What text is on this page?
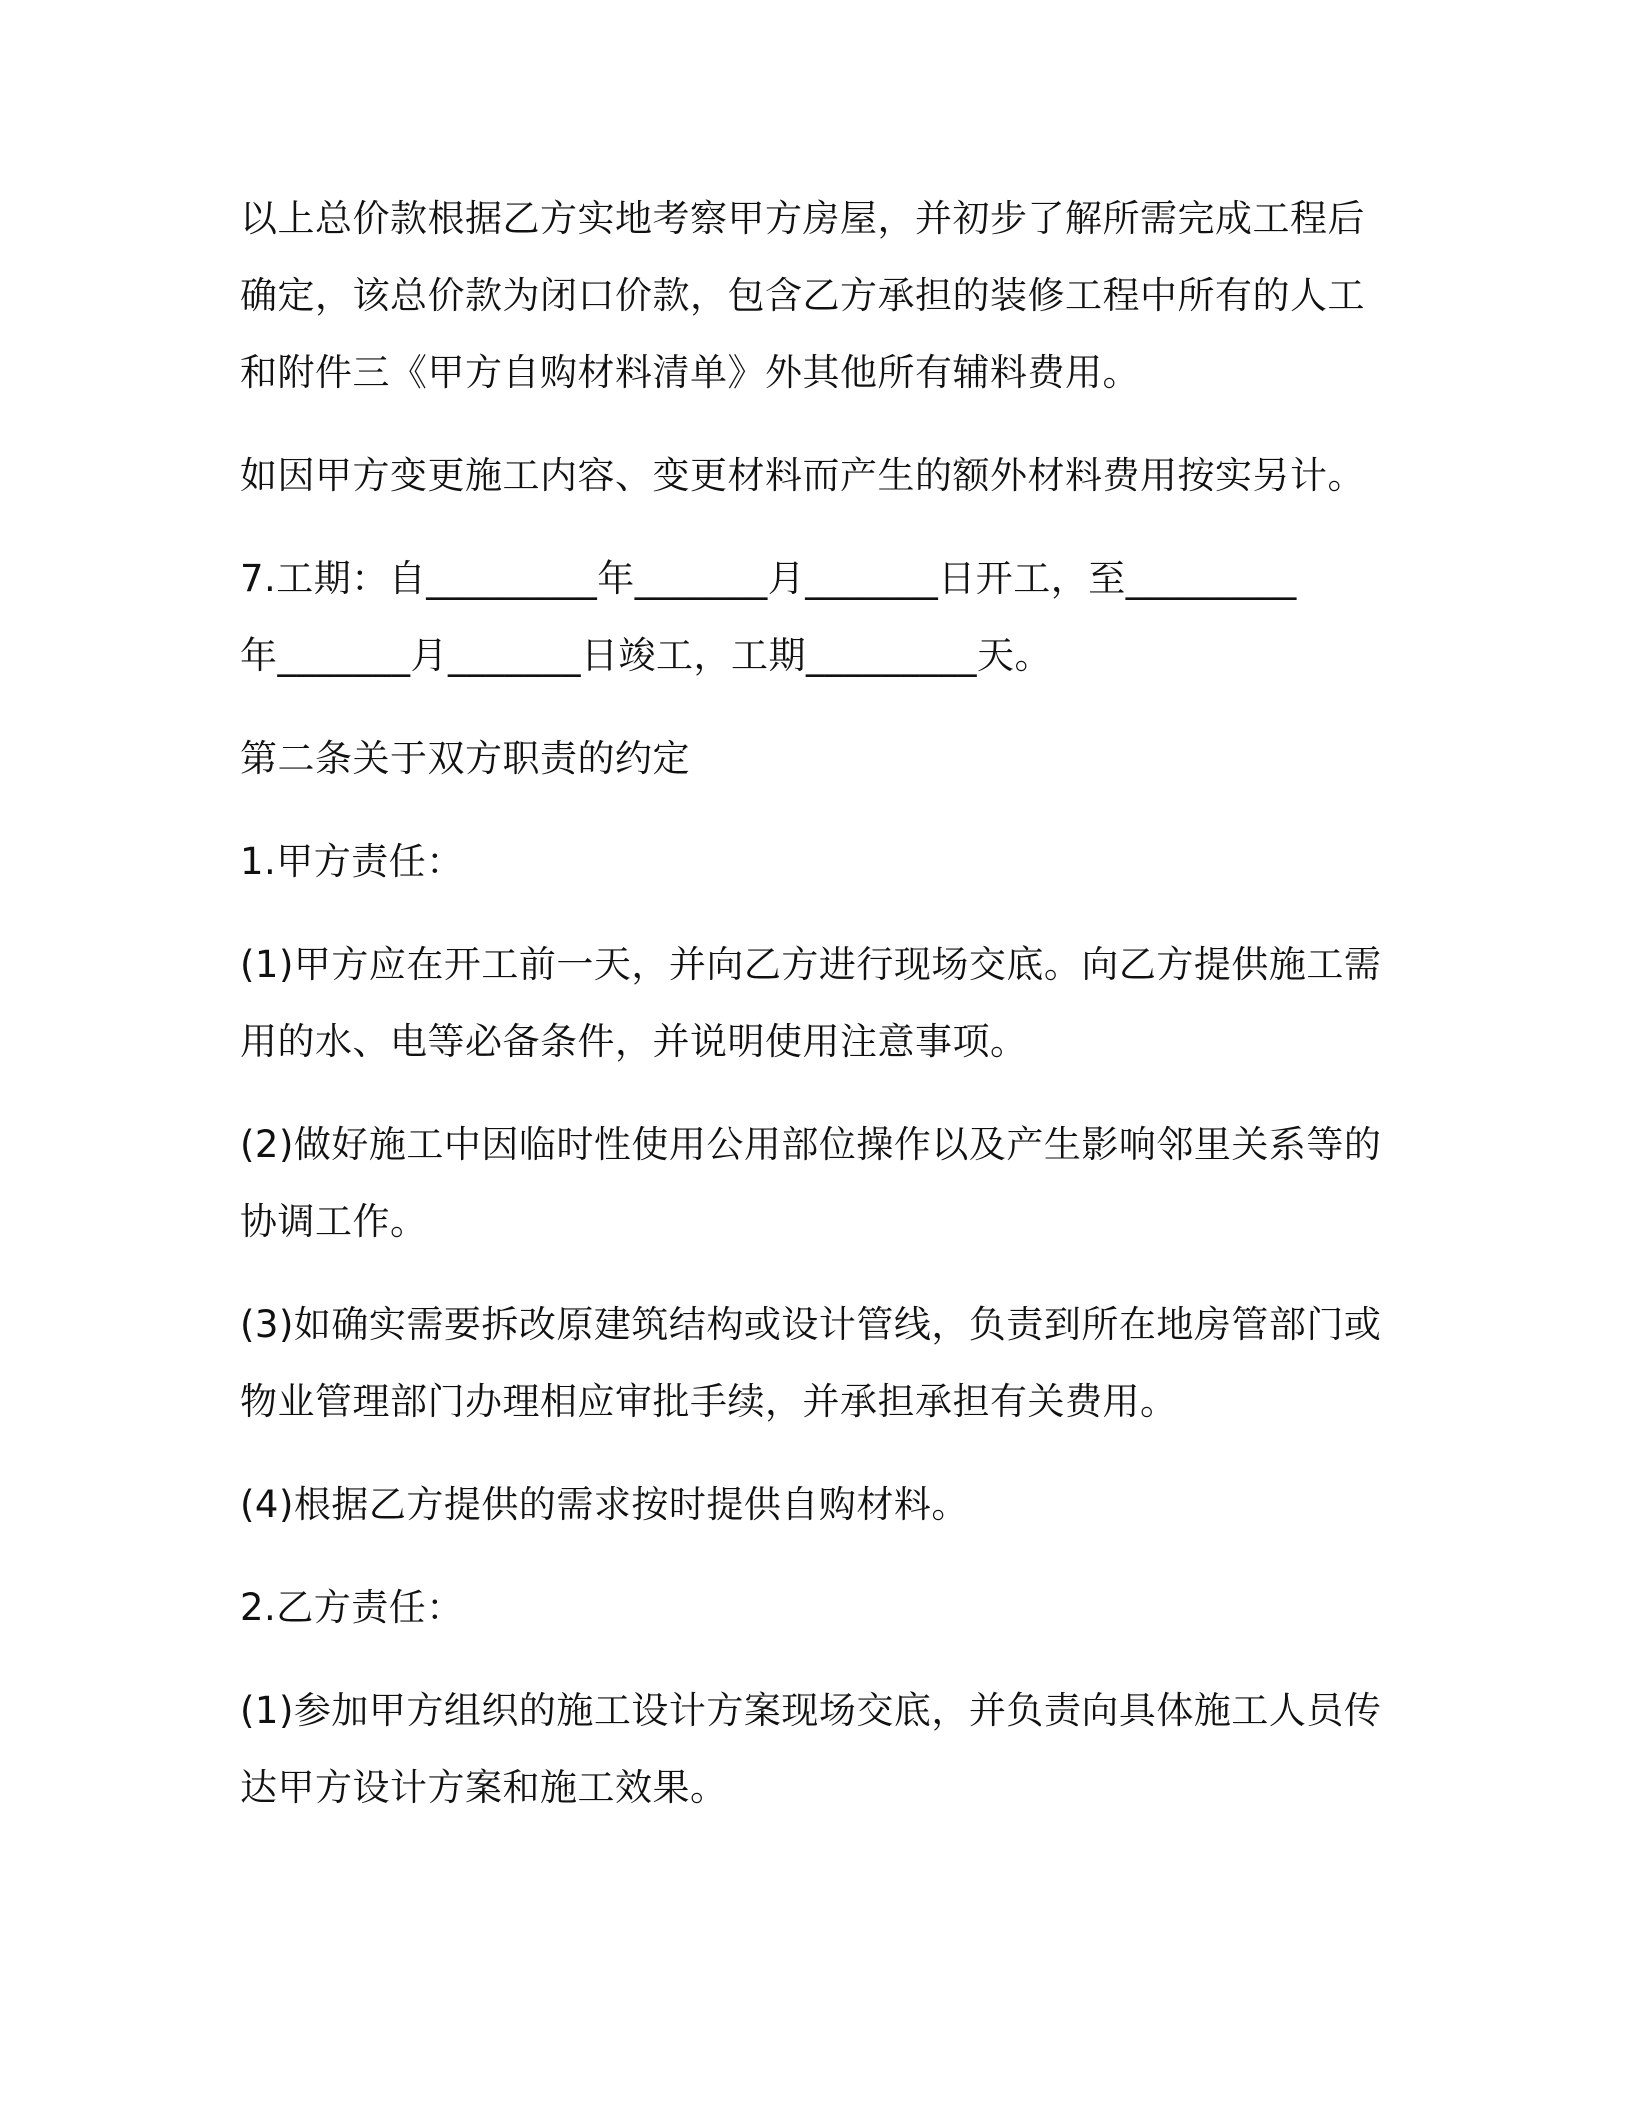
以上总价款根据乙方实地考察甲方房屋，并初步了解所需完成工程后
确定，该总价款为闭口价款，包含乙方承担的装修工程中所有的人工
和附件三《甲方自购材料清单》外其他所有辅料费用。

如因甲方变更施工内容、变更材料而产生的额外材料费用按实另计。

7.工期：自_________年_______月_______日开工，至_________
年_______月_______日竣工，工期_________天。

第二条关于双方职责的约定

1.甲方责任：

(1)甲方应在开工前一天，并向乙方进行现场交底。向乙方提供施工需
用的水、电等必备条件，并说明使用注意事项。

(2)做好施工中因临时性使用公用部位操作以及产生影响邻里关系等的
协调工作。

(3)如确实需要拆改原建筑结构或设计管线，负责到所在地房管部门或
物业管理部门办理相应审批手续，并承担承担有关费用。

(4)根据乙方提供的需求按时提供自购材料。

2.乙方责任：

(1)参加甲方组织的施工设计方案现场交底，并负责向具体施工人员传
达甲方设计方案和施工效果。
